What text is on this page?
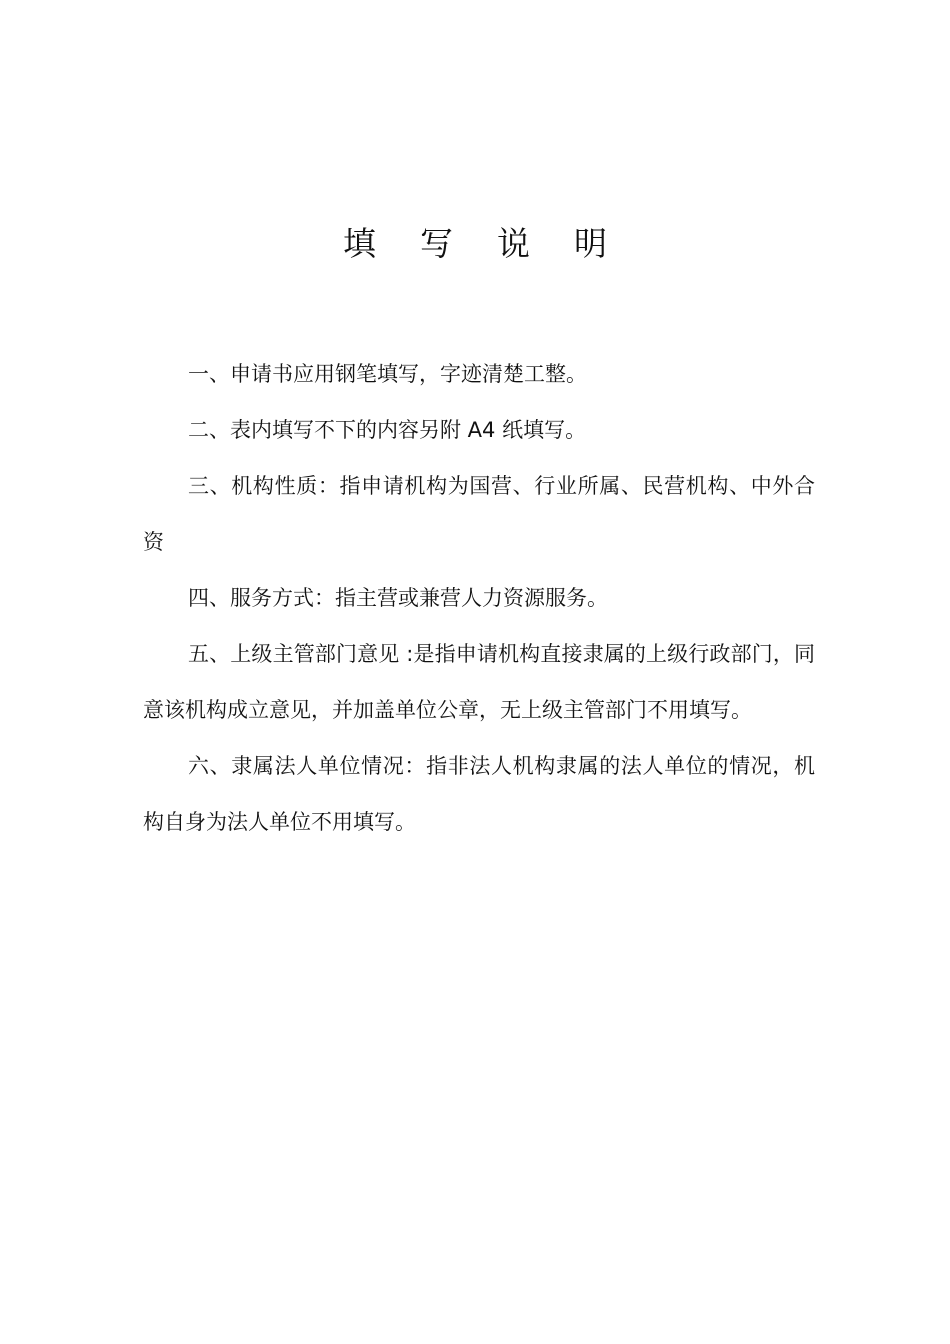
填 写 说 明

一、申请书应用钢笔填写，字迹清楚工整。

二、表内填写不下的内容另附 A4 纸填写。

三、机构性质：指申请机构为国营、行业所属、民营机构、中外合资

四、服务方式：指主营或兼营人力资源服务。

五、上级主管部门意见 :是指申请机构直接隶属的上级行政部门，同意该机构成立意见，并加盖单位公章，无上级主管部门不用填写。

六、隶属法人单位情况：指非法人机构隶属的法人单位的情况，机构自身为法人单位不用填写。
